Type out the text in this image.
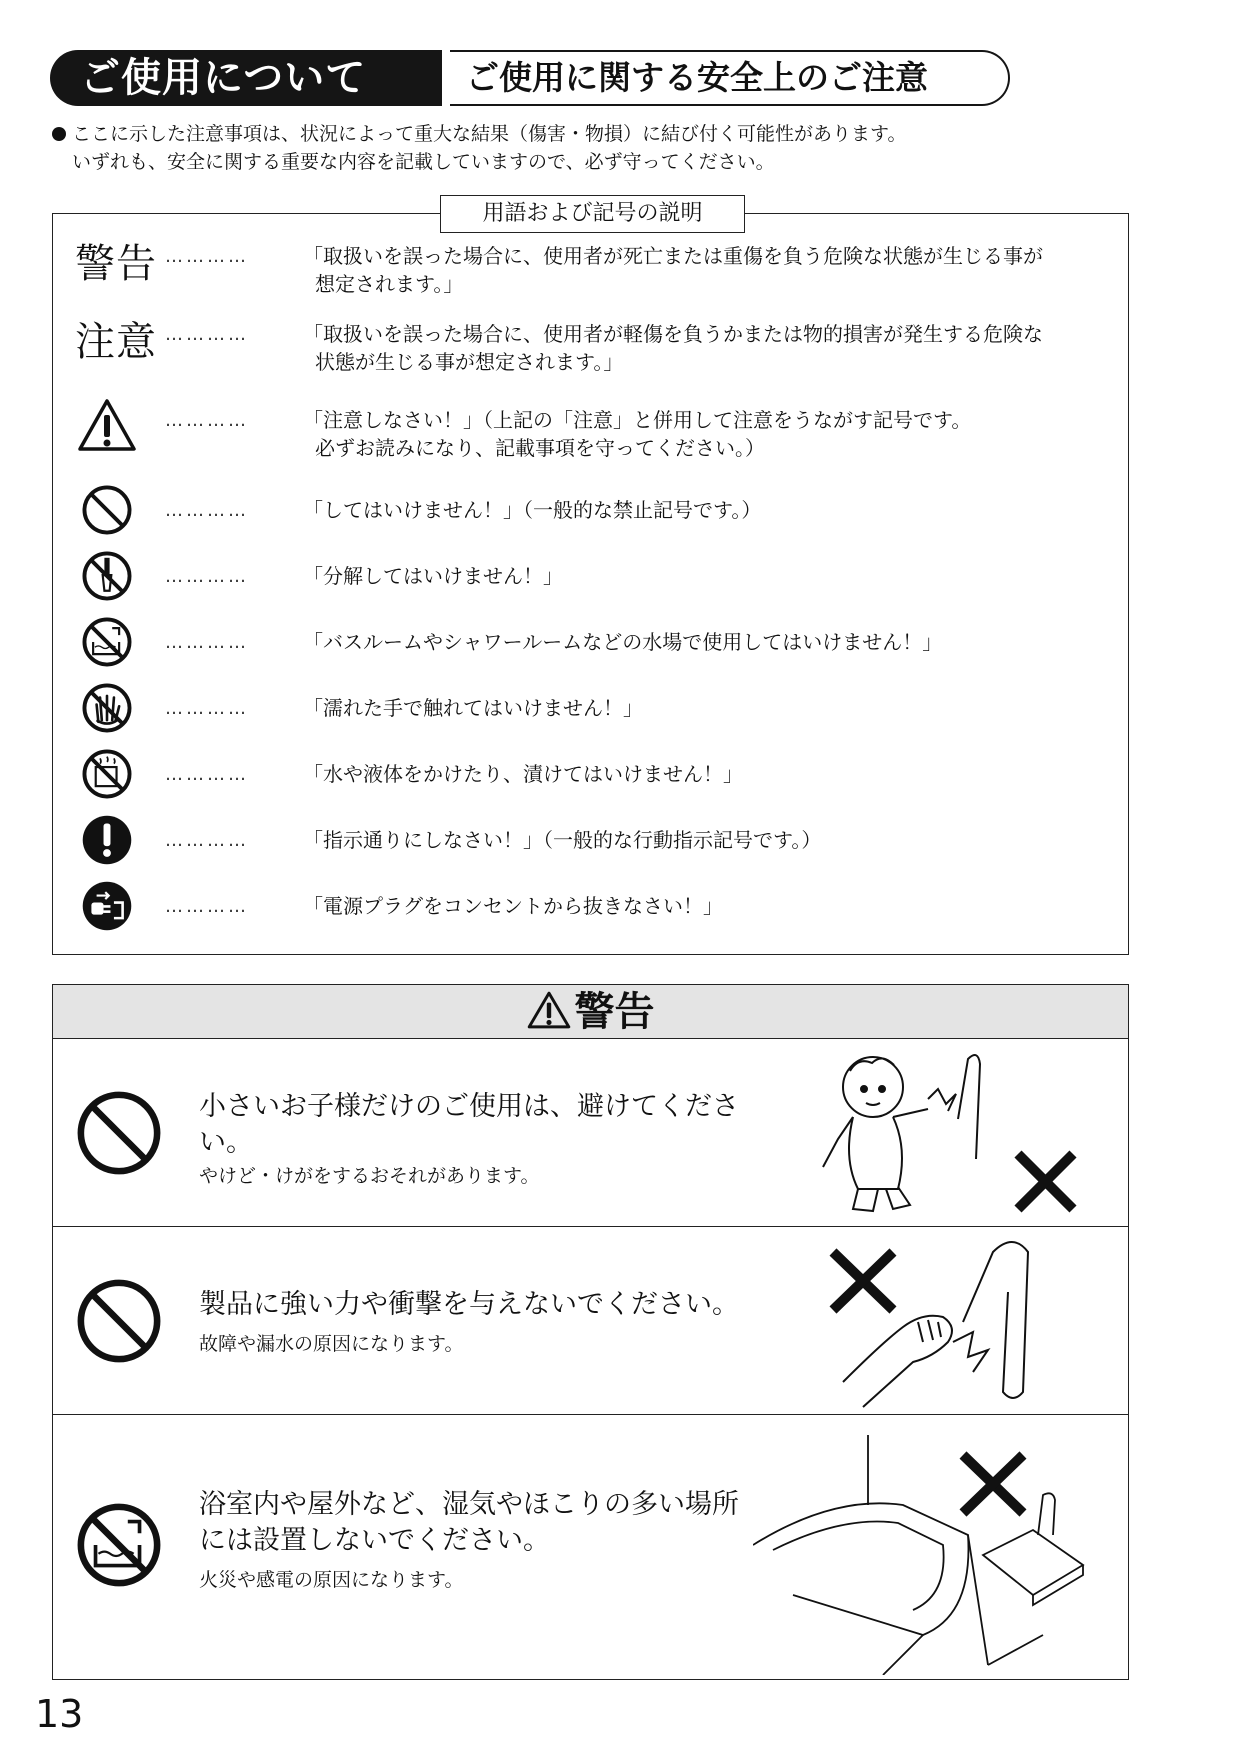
ご使用について	ご使用に関する安全上のご注意
ここに示した注意事項は、状況によって重大な結果（傷害・物損）に結び付く可能性があります。
いずれも、安全に関する重要な内容を記載していますので、必ず守ってください。
警告 …………	「取扱いを誤った場合に、使用者が死亡または重傷を負う危険な状態が生じる事が
想定されます。」
注意 …………	「取扱いを誤った場合に、使用者が軽傷を負うかまたは物的損害が発生する危険な
状態が生じる事が想定されます。」
…………	「注意しなさい！」（上記の「注意」と併用して注意をうながす記号です。
必ずお読みになり、記載事項を守ってください。）
…………	「してはいけません！」（一般的な禁止記号です。）
…………	「分解してはいけません！」
…………	「バスルームやシャワールームなどの水場で使用してはいけません！」
…………	「濡れた手で触れてはいけません！」
…………	「水や液体をかけたり、漬けてはいけません！」
…………	「指示通りにしなさい！」（一般的な行動指示記号です。）
…………	「電源プラグをコンセントから抜きなさい！」
用語および記号の説明
警告
小さいお子様だけのご使用は、避けてください。
やけど・けがをするおそれがあります。
製品に強い力や衝撃を与えないでください。
故障や漏水の原因になります。
浴室内や屋外など、湿気やほこりの多い場所には設置しないでください。
火災や感電の原因になります。
13
